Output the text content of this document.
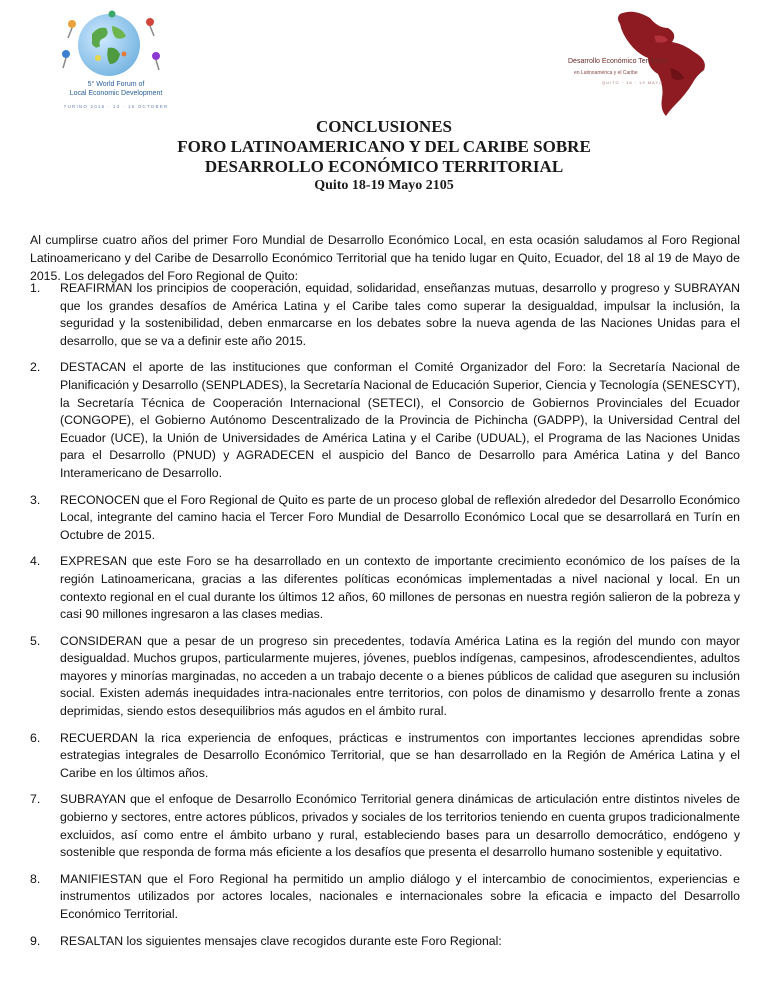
5° World Forum of
Local Economic Development
TURINO 2015 · 13 · 16 OCTOBER
Desarrollo Económico Territorial
en Latinoamérica y el Caribe
QUITO · 18 · 19 MAYO
CONCLUSIONES
FORO LATINOAMERICANO Y DEL CARIBE SOBRE
DESARROLLO ECONÓMICO TERRITORIAL
Quito 18-19 Mayo 2105

Al cumplirse cuatro años del primer Foro Mundial de Desarrollo Económico Local, en esta ocasión saludamos al Foro Regional Latinoamericano y del Caribe de Desarrollo Económico Territorial que ha tenido lugar en Quito, Ecuador, del 18 al 19 de Mayo de 2015. Los delegados del Foro Regional de Quito:

1.	REAFIRMAN los principios de cooperación, equidad, solidaridad, enseñanzas mutuas, desarrollo y progreso y SUBRAYAN que los grandes desafíos de América Latina y el Caribe tales como superar la desigualdad, impulsar la inclusión, la seguridad y la sostenibilidad, deben enmarcarse en los debates sobre la nueva agenda de las Naciones Unidas para el desarrollo, que se va a definir este año 2015.
2.	DESTACAN el aporte de las instituciones que conforman el Comité Organizador del Foro: la Secretaría Nacional de Planificación y Desarrollo (SENPLADES), la Secretaría Nacional de Educación Superior, Ciencia y Tecnología (SENESCYT), la Secretaría Técnica de Cooperación Internacional (SETECI), el Consorcio de Gobiernos Provinciales del Ecuador (CONGOPE), el Gobierno Autónomo Descentralizado de la Provincia de Pichincha (GADPP), la Universidad Central del Ecuador (UCE), la Unión de Universidades de América Latina y el Caribe (UDUAL), el Programa de las Naciones Unidas para el Desarrollo (PNUD) y AGRADECEN el auspicio del Banco de Desarrollo para América Latina y del Banco Interamericano de Desarrollo.
3.	RECONOCEN que el Foro Regional de Quito es parte de un proceso global de reflexión alrededor del Desarrollo Económico Local, integrante del camino hacia el Tercer Foro Mundial de Desarrollo Económico Local que se desarrollará en Turín en Octubre de 2015.
4.	EXPRESAN que este Foro se ha desarrollado en un contexto de importante crecimiento económico de los países de la región Latinoamericana, gracias a las diferentes políticas económicas implementadas a nivel nacional y local. En un contexto regional en el cual durante los últimos 12 años, 60 millones de personas en nuestra región salieron de la pobreza y casi 90 millones ingresaron a las clases medias.
5.	CONSIDERAN que a pesar de un progreso sin precedentes, todavía América Latina es la región del mundo con mayor desigualdad. Muchos grupos, particularmente mujeres, jóvenes, pueblos indígenas, campesinos, afrodescendientes, adultos mayores y minorías marginadas, no acceden a un trabajo decente o a bienes públicos de calidad que aseguren su inclusión social. Existen además inequidades intra-nacionales entre territorios, con polos de dinamismo y desarrollo frente a zonas deprimidas, siendo estos desequilibrios más agudos en el ámbito rural.
6.	RECUERDAN la rica experiencia de enfoques, prácticas e instrumentos con importantes lecciones aprendidas sobre estrategias integrales de Desarrollo Económico Territorial, que se han desarrollado en la Región de América Latina y el Caribe en los últimos años.
7.	SUBRAYAN que el enfoque de Desarrollo Económico Territorial genera dinámicas de articulación entre distintos niveles de gobierno y sectores, entre actores públicos, privados y sociales de los territorios teniendo en cuenta grupos tradicionalmente excluidos, así como entre el ámbito urbano y rural, estableciendo bases para un desarrollo democrático, endógeno y sostenible que responda de forma más eficiente a los desafíos que presenta el desarrollo humano sostenible y equitativo.
8.	MANIFIESTAN que el Foro Regional ha permitido un amplio diálogo y el intercambio de conocimientos, experiencias e instrumentos utilizados por actores locales, nacionales e internacionales sobre la eficacia e impacto del Desarrollo Económico Territorial.
9.	RESALTAN los siguientes mensajes clave recogidos durante este Foro Regional:
